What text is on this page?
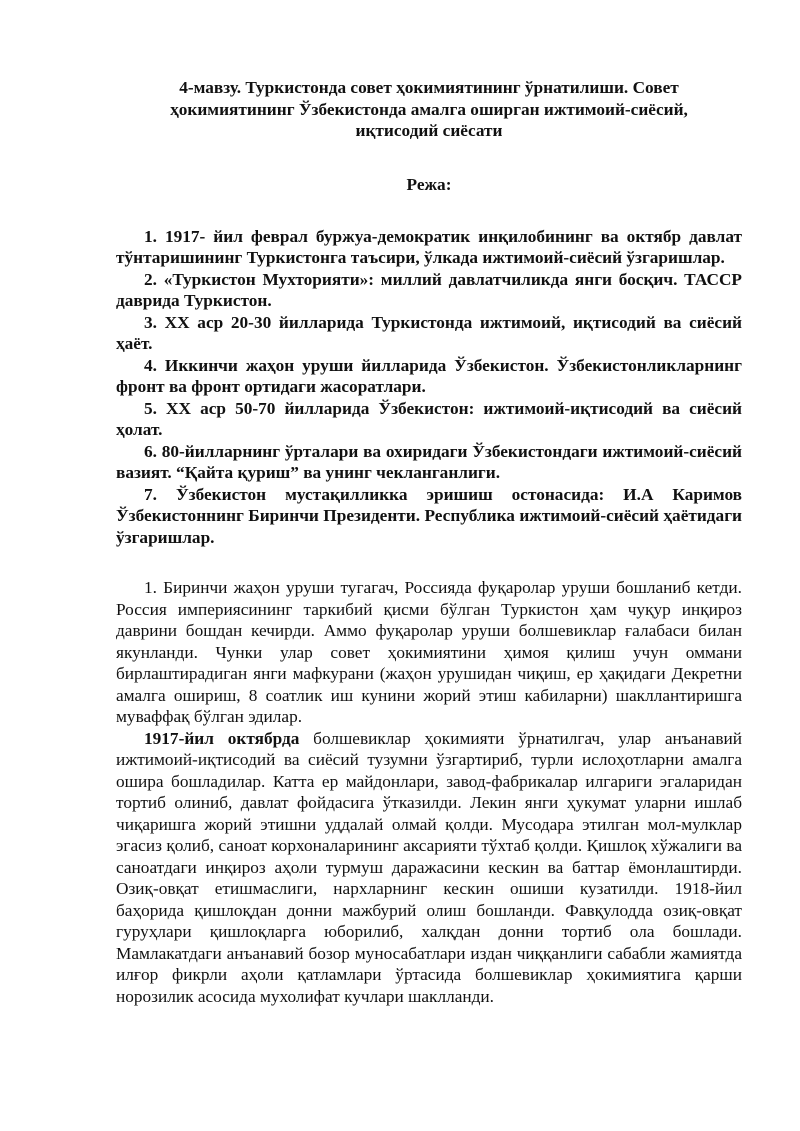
4-мавзу. Туркистонда совет ҳокимиятининг ўрнатилиши. Совет
ҳокимиятининг Ўзбекистонда амалга оширган ижтимоий-сиёсий,
иқтисодий сиёсати
Режа:

1. 1917- йил феврал буржуа-демократик инқилобининг ва октябр давлат тўнтаришининг Туркистонга таъсири, ўлкада ижтимоий-сиёсий ўзгаришлар.

2. «Туркистон Мухторияти»: миллий давлатчиликда янги босқич. ТАССР даврида Туркистон.

3. XX аср 20-30 йилларида Туркистонда ижтимоий, иқтисодий ва сиёсий ҳаёт.

4. Иккинчи жаҳон уруши йилларида Ўзбекистон. Ўзбекистонликларнинг фронт ва фронт ортидаги жасоратлари.

5. XX аср 50-70 йилларида Ўзбекистон: ижтимоий-иқтисодий ва сиёсий ҳолат.

6. 80-йилларнинг ўрталари ва охиридаги Ўзбекистондаги ижтимоий-сиёсий вазият. “Қайта қуриш” ва унинг чекланганлиги.

7. Ўзбекистон мустақилликка эришиш остонасида: И.А Каримов Ўзбекистоннинг Биринчи Президенти. Республика ижтимоий-сиёсий ҳаётидаги ўзгаришлар.

1. Биринчи жаҳон уруши тугагач, Россияда фуқаролар уруши бошланиб кетди. Россия империясининг таркибий қисми бўлган Туркистон ҳам чуқур инқироз даврини бошдан кечирди. Аммо фуқаролар уруши болшевиклар ғалабаси билан якунланди. Чунки улар совет ҳокимиятини ҳимоя қилиш учун оммани бирлаштирадиган янги мафкурани (жаҳон урушидан чиқиш, ер ҳақидаги Декретни амалга ошириш, 8 соатлик иш кунини жорий этиш кабиларни) шакллантиришга муваффақ бўлган эдилар.

1917-йил октябрда болшевиклар ҳокимияти ўрнатилгач, улар анъанавий ижтимоий-иқтисодий ва сиёсий тузумни ўзгартириб, турли ислоҳотларни амалга ошира бошладилар. Катта ер майдонлари, завод-фабрикалар илгариги эгаларидан тортиб олиниб, давлат фойдасига ўтказилди. Лекин янги ҳукумат уларни ишлаб чиқаришга жорий этишни уддалай олмай қолди. Мусодара этилган мол-мулклар эгасиз қолиб, саноат корхоналарининг аксарияти тўхтаб қолди. Қишлоқ хўжалиги ва саноатдаги инқироз аҳоли турмуш даражасини кескин ва баттар ёмонлаштирди. Озиқ-овқат етишмаслиги, нархларнинг кескин ошиши кузатилди. 1918-йил баҳорида қишлоқдан донни мажбурий олиш бошланди. Фавқулодда озиқ-овқат гуруҳлари қишлоқларга юборилиб, халқдан донни тортиб ола бошлади. Мамлакатдаги анъанавий бозор муносабатлари издан чиққанлиги сабабли жамиятда илғор фикрли аҳоли қатламлари ўртасида болшевиклар ҳокимиятига қарши норозилик асосида мухолифат кучлари шаклланди.
